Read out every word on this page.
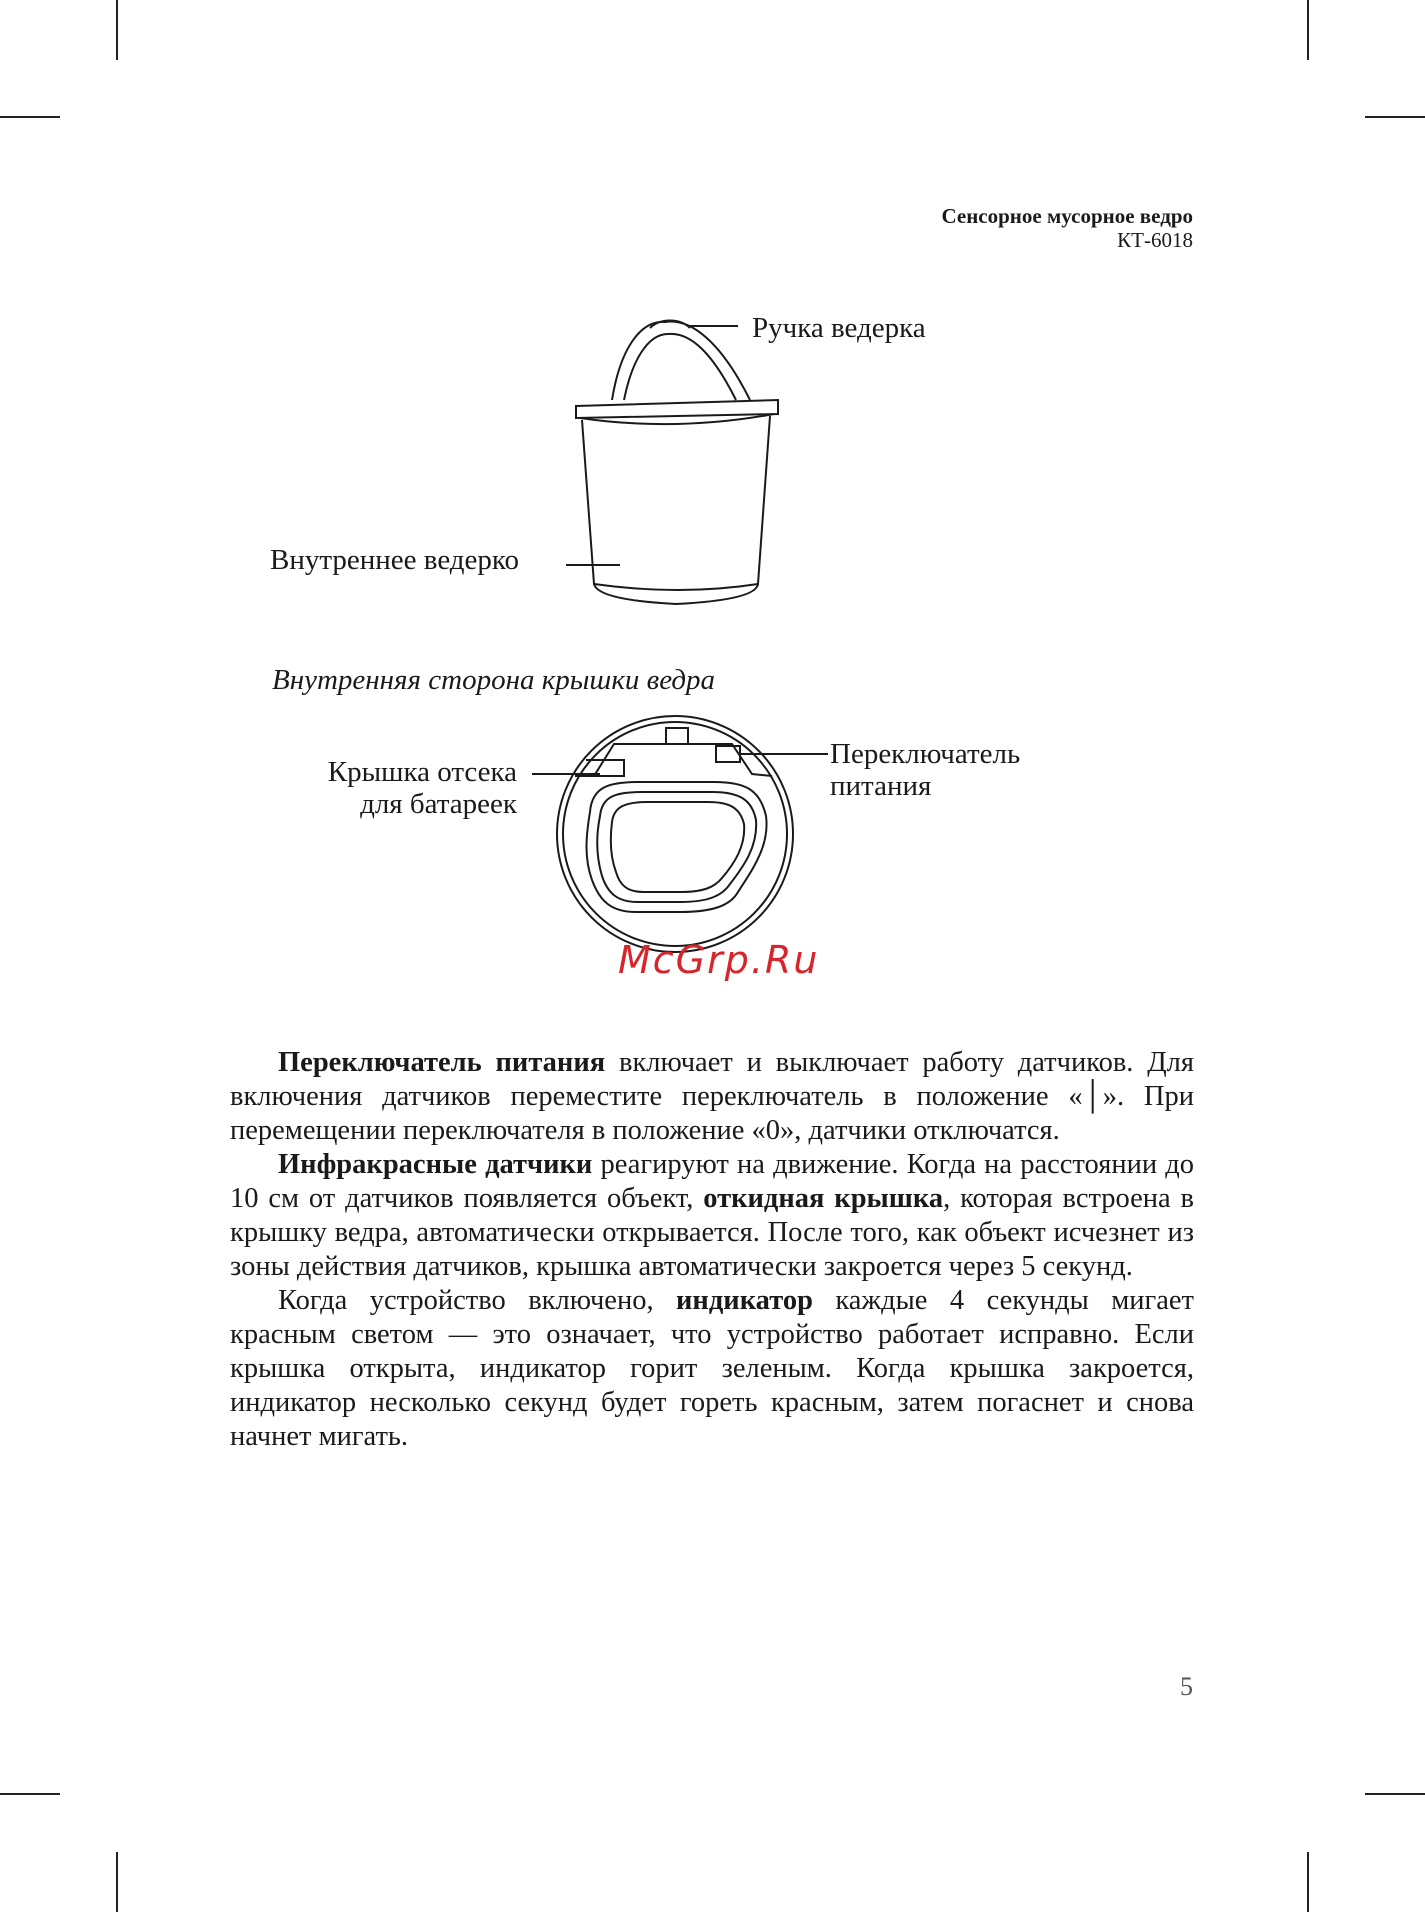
Сенсорное мусорное ведро
КТ-6018
Ручка ведерка
Внутреннее ведерко
Внутренняя сторона крышки ведра
Крышка отсека
для батареек
Переключатель
питания
McGrp.Ru

Переключатель питания включает и выключает работу датчиков. Для включения датчиков переместите переключатель в положение «│». При перемещении переключателя в положение «0», датчики отключатся.

Инфракрасные датчики реагируют на движение. Когда на расстоянии до 10 см от датчиков появляется объект, откидная крышка, которая встроена в крышку ведра, автоматически открывается. После того, как объект исчезнет из зоны действия датчиков, крышка автоматически закроется через 5 секунд.

Когда устройство включено, индикатор каждые 4 секунды мигает красным светом — это означает, что устройство работает исправно. Если крышка открыта, индикатор горит зеленым. Когда крышка закроется, индикатор несколько секунд будет гореть красным, затем погаснет и снова начнет мигать.

5
